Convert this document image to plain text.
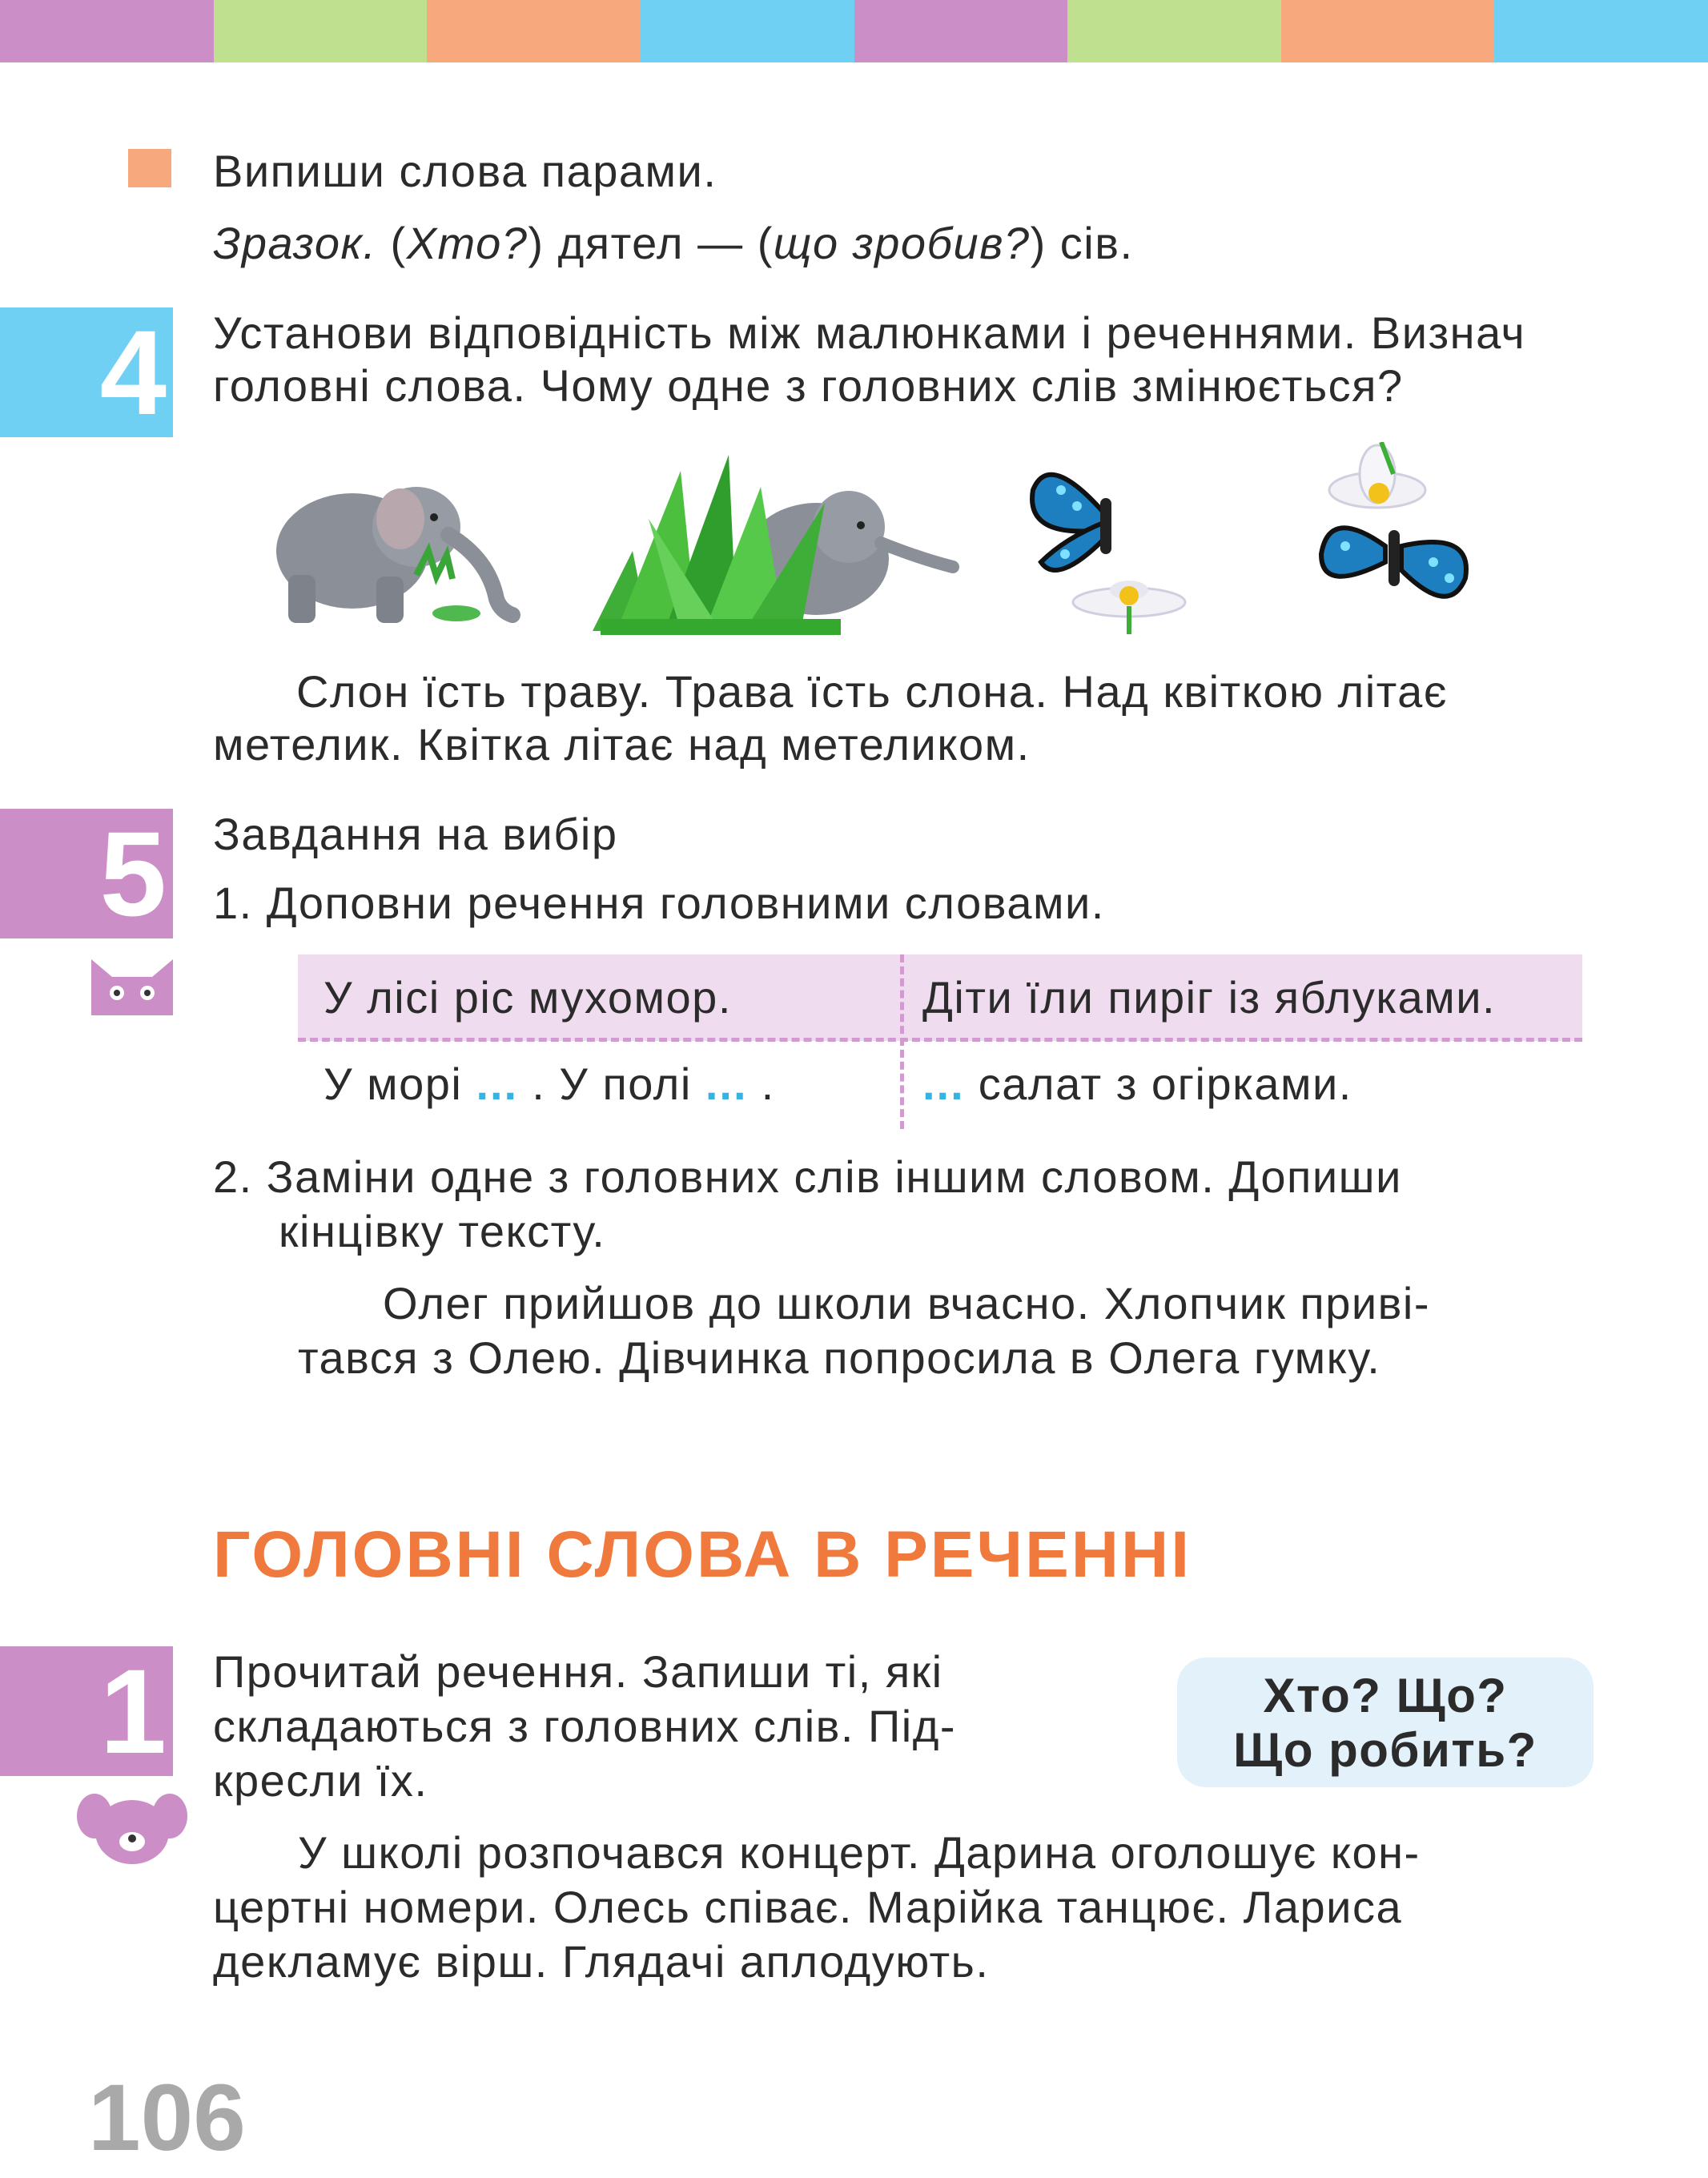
Випиши слова парами.
Зразок. (Хто?) дятел — (що зробив?) сів.
4 Установи відповідність між малюнками і реченнями. Визнач
головні слова. Чому одне з головних слів змінюється?
Слон їсть траву. Трава їсть слона. Над квіткою літає
метелик. Квітка літає над метеликом.
5 Завдання на вибір
1. Доповни речення головними словами.
У лісі ріс мухомор.	Діти їли пиріг із яблуками.
У морі ... . У полі ... .	... салат з огірками.
2. Заміни одне з головних слів іншим словом. Допиши
кінцівку тексту.
Олег прийшов до школи вчасно. Хлопчик приві-
тався з Олею. Дівчинка попросила в Олега гумку.
ГОЛОВНІ СЛОВА В РЕЧЕННІ
1 Прочитай речення. Запиши ті, які
складаються з головних слів. Під-
кресли їх.
Хто? Що?
Що робить?
У школі розпочався концерт. Дарина оголошує кон-
цертні номери. Олесь співає. Марійка танцює. Лариса
декламує вірш. Глядачі аплодують.
106
